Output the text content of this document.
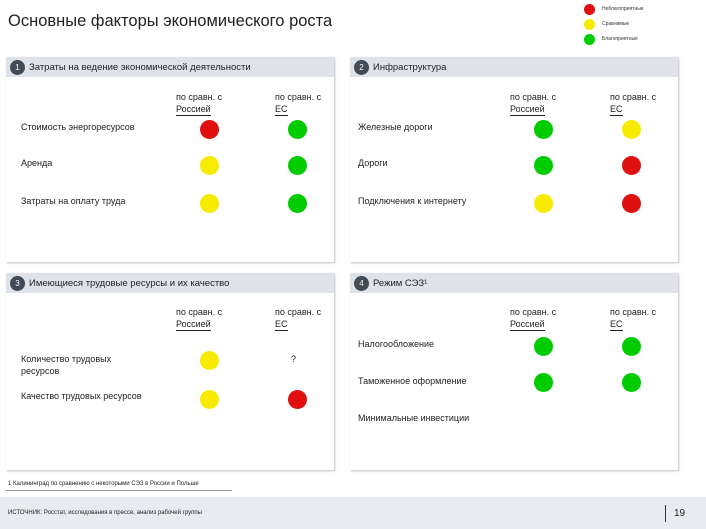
Основные факторы экономического роста
Неблагоприятные
Сравнимые
Благоприятные
1 Затраты на ведение экономической деятельности
по сравн. с
Россией
по сравн. с
ЕС
Стоимость энергоресурсов
Аренда
Затраты на оплату труда
2 Инфраструктура
по сравн. с
Россией
по сравн. с
ЕС
Железные дороги
Дороги
Подключения к интернету
3 Имеющиеся трудовые ресурсы и их качество
по сравн. с
Россией
по сравн. с
ЕС
Количество трудовых
ресурсов
?
Качество трудовых ресурсов
4 Режим СЭЗ¹
по сравн. с
Россией
по сравн. с
ЕС
Налогообложение
Таможенное оформление
Минимальные инвестиции
1 Калининград по сравнению с некоторыми СЭЗ в России и Польше
ИСТОЧНИК: Росстат, исследования в прессе, анализ рабочей группы	19
